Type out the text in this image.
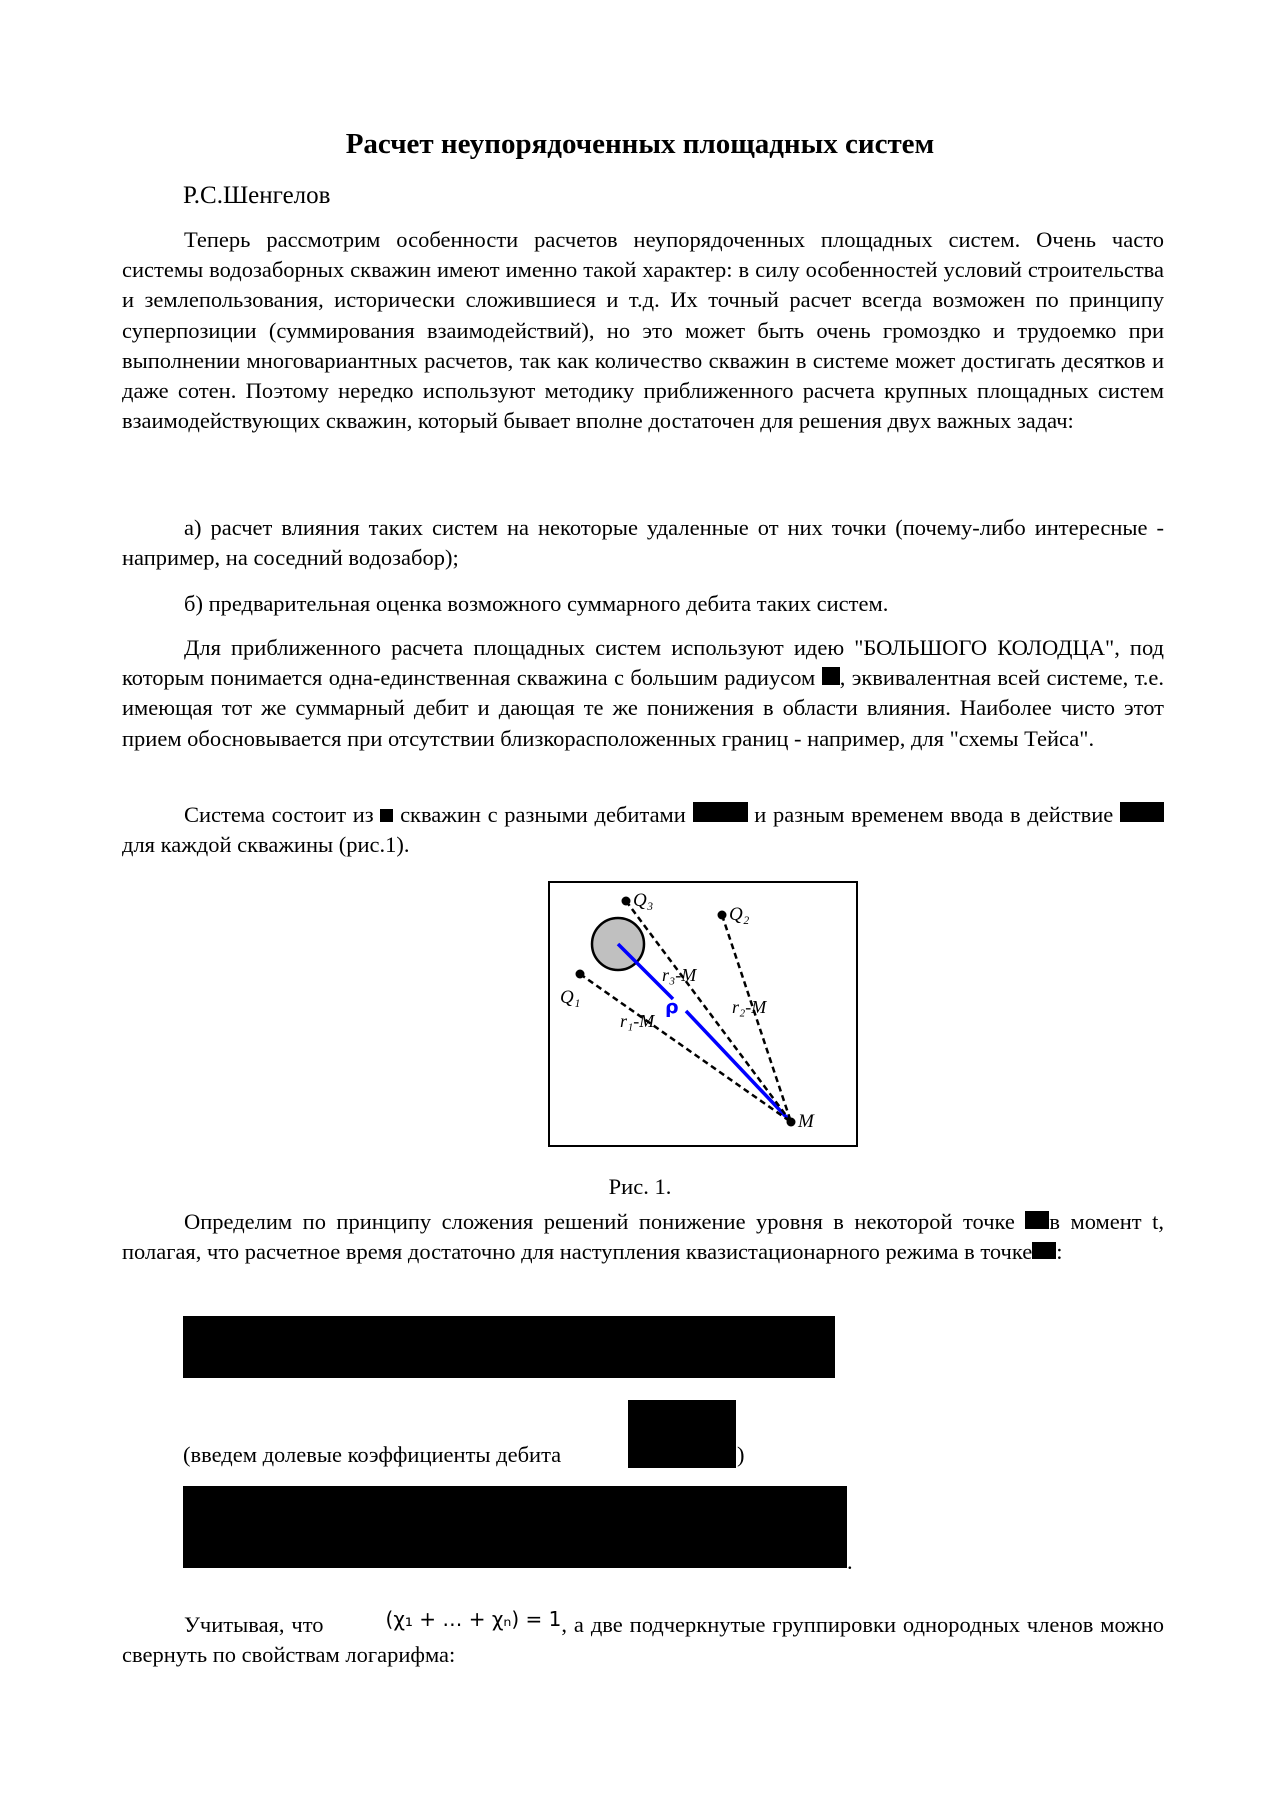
Расчет неупорядоченных площадных систем
Р.С.Шенгелов

Теперь рассмотрим особенности расчетов неупорядоченных площадных систем. Очень часто системы водозаборных скважин имеют именно такой характер: в силу особенностей условий строительства и землепользования, исторически сложившиеся и т.д. Их точный расчет всегда возможен по принципу суперпозиции (суммирования взаимодействий), но это может быть очень громоздко и трудоемко при выполнении многовариантных расчетов, так как количество скважин в системе может достигать десятков и даже сотен. Поэтому нередко используют методику приближенного расчета крупных площадных систем взаимодействующих скважин, который бывает вполне достаточен для решения двух важных задач:

а) расчет влияния таких систем на некоторые удаленные от них точки (почему-либо интересные - например, на соседний водозабор);

б) предварительная оценка возможного суммарного дебита таких систем.

Для приближенного расчета площадных систем используют идею "БОЛЬШОГО КОЛОДЦА", под которым понимается одна-единственная скважина с большим радиусом , эквивалентная всей системе, т.е. имеющая тот же суммарный дебит и дающая те же понижения в области влияния. Наиболее чисто этот прием обосновывается при отсутствии близкорасположенных границ - например, для "схемы Тейса".

Система состоит из  скважин с разными дебитами  и разным временем ввода в действие  для каждой скважины (рис.1).

Q₃
Q₂
Q₁
r₃-M
r₂-M
r₁-M
ρ
M
Рис. 1.

Определим по принципу сложения решений понижение уровня в некоторой точке в момент t, полагая, что расчетное время достаточно для наступления квазистационарного режима в точке :

(введем долевые коэффициенты дебита	)
.

Учитывая, что	(χ₁ + … + χₙ) = 1, а две подчеркнутые группировки однородных членов можно свернуть по свойствам логарифма:
